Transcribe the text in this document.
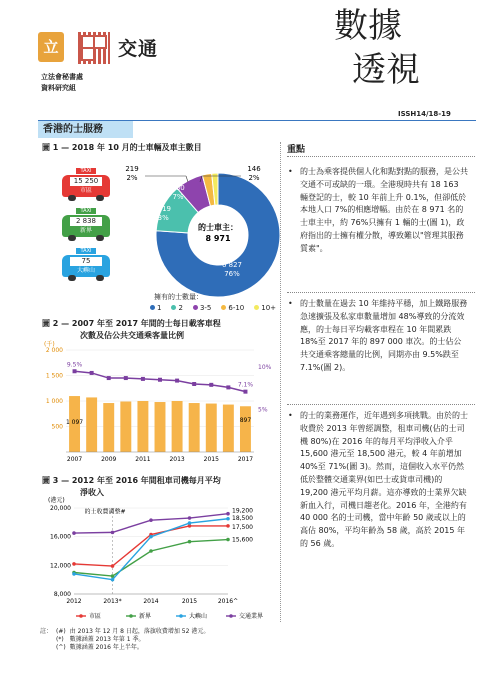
立	交通
立法會秘書處
資料研究組
數據
透視
ISSH14/18-19
香港的士服務
圖 1 — 2018 年 10 月的士車輛及車主數目
TAXI
15 250
市區
TAXI
2 838
新界
TAXI
75
大嶼山
的士車主：
8 971
6 827
76%
1 119
13%
660
7%
219
2%
146
2%
擁有的士數量：
1	2	3-5	6-10	10+
圖 2 — 2007 年至 2017 年間的士每日載客車程
次數及佔公共交通乘客量比例
(千)
2 000
1 500
1 000
500
10%
5%
2007	2009	2011	2013	2015	2017
1 097	897
9.5%
7.1%
圖 3 — 2012 年至 2016 年間租車司機每月平均
淨收入
(港元)
20,000
16,000
12,000
8,000
的士收費調整#
2012	2013*	2014	2015	2016^
19,200
18,500
17,500
15,600
市區	新界	大嶼山	交通業界
註：	(#)	由 2013 年 12 月 8 日起，落旗收費增加 52 港元。
	(*)	數據涵蓋 2013 年第 1 季。
	(^)	數據涵蓋 2016 年上半年。
重點
• 的士為乘客提供個人化和點對點的服務，是公共交通不可或缺的一環。全港現時共有 18 163 輛登記的士，較 10 年前上升 0.1%，但卻低於本地人口 7%的相應增幅。由於在 8 971 名的士車主中，約 76%只擁有 1 輛的士(圖 1)，政府指出的士擁有權分散，導致難以"管理其服務質素"。
• 的士數量在過去 10 年維持平穩，加上鐵路服務急速擴張及私家車數量增加 48%導致的分流效應，的士每日平均載客車程在 10 年間累跌 18%至 2017 年的 897 000 車次。的士佔公共交通乘客總量的比例，同期亦由 9.5%跌至 7.1%(圖 2)。
• 的士的業務運作，近年遇到多項挑戰。由於的士收費於 2013 年曾經調整，租車司機(佔的士司機 80%)在 2016 年的每月平均淨收入介乎 15,600 港元至 18,500 港元，較 4 年前增加 40%至 71%(圖 3)。然而，這個收入水平仍然低於整體交通業界(如巴士或貨車司機)的 19,200 港元平均月薪。這亦導致的士業界欠缺新血入行，司機日趨老化。2016 年，全港約有 40 000 名的士司機，當中年齡 50 歲或以上的高佔 80%，平均年齡為 58 歲，高於 2015 年的 56 歲。
